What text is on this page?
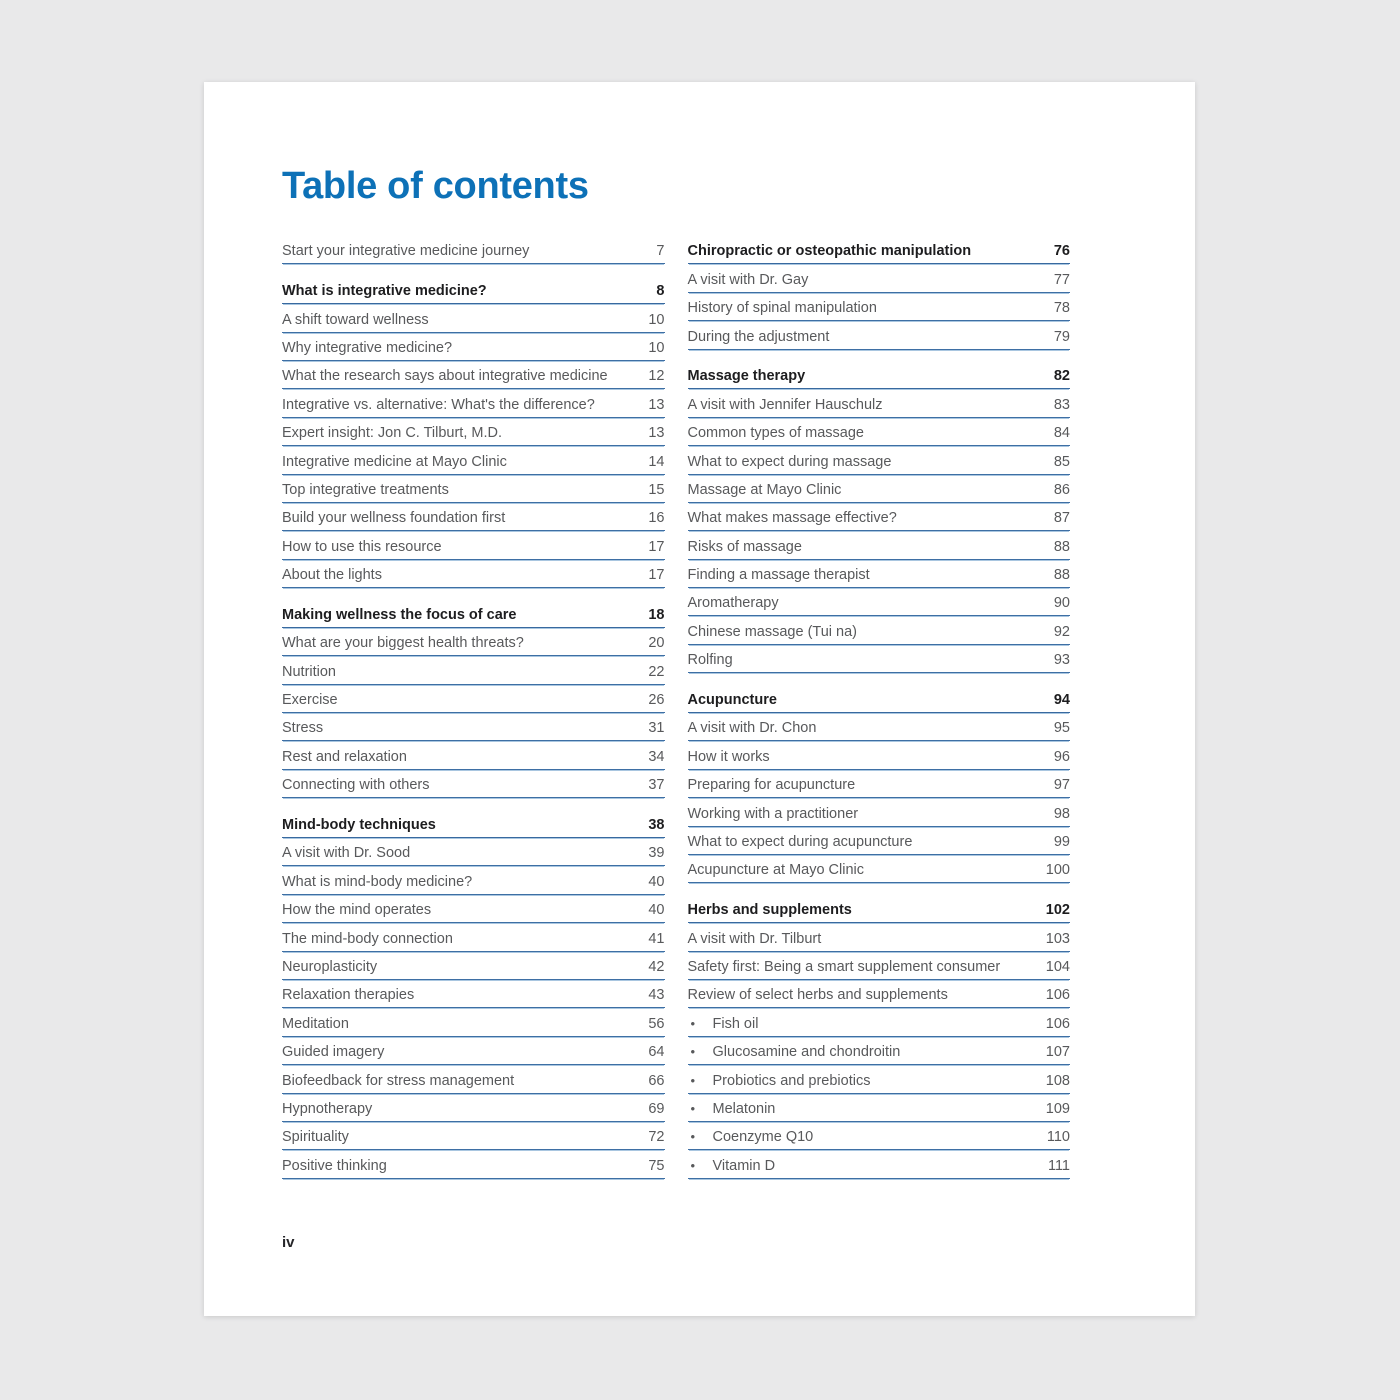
Table of contents
Start your integrative medicine journey	7
What is integrative medicine?	8
A shift toward wellness	10
Why integrative medicine?	10
What the research says about integrative medicine	12
Integrative vs. alternative: What's the difference?	13
Expert insight: Jon C. Tilburt, M.D.	13
Integrative medicine at Mayo Clinic	14
Top integrative treatments	15
Build your wellness foundation first	16
How to use this resource	17
About the lights	17
Making wellness the focus of care	18
What are your biggest health threats?	20
Nutrition	22
Exercise	26
Stress	31
Rest and relaxation	34
Connecting with others	37
Mind-body techniques	38
A visit with Dr. Sood	39
What is mind-body medicine?	40
How the mind operates	40
The mind-body connection	41
Neuroplasticity	42
Relaxation therapies	43
Meditation	56
Guided imagery	64
Biofeedback for stress management	66
Hypnotherapy	69
Spirituality	72
Positive thinking	75
Chiropractic or osteopathic manipulation	76
A visit with Dr. Gay	77
History of spinal manipulation	78
During the adjustment	79
Massage therapy	82
A visit with Jennifer Hauschulz	83
Common types of massage	84
What to expect during massage	85
Massage at Mayo Clinic	86
What makes massage effective?	87
Risks of massage	88
Finding a massage therapist	88
Aromatherapy	90
Chinese massage (Tui na)	92
Rolfing	93
Acupuncture	94
A visit with Dr. Chon	95
How it works	96
Preparing for acupuncture	97
Working with a practitioner	98
What to expect during acupuncture	99
Acupuncture at Mayo Clinic	100
Herbs and supplements	102
A visit with Dr. Tilburt	103
Safety first: Being a smart supplement consumer	104
Review of select herbs and supplements	106
•	Fish oil	106
•	Glucosamine and chondroitin	107
•	Probiotics and prebiotics	108
•	Melatonin	109
•	Coenzyme Q10	110
•	Vitamin D	111
iv
